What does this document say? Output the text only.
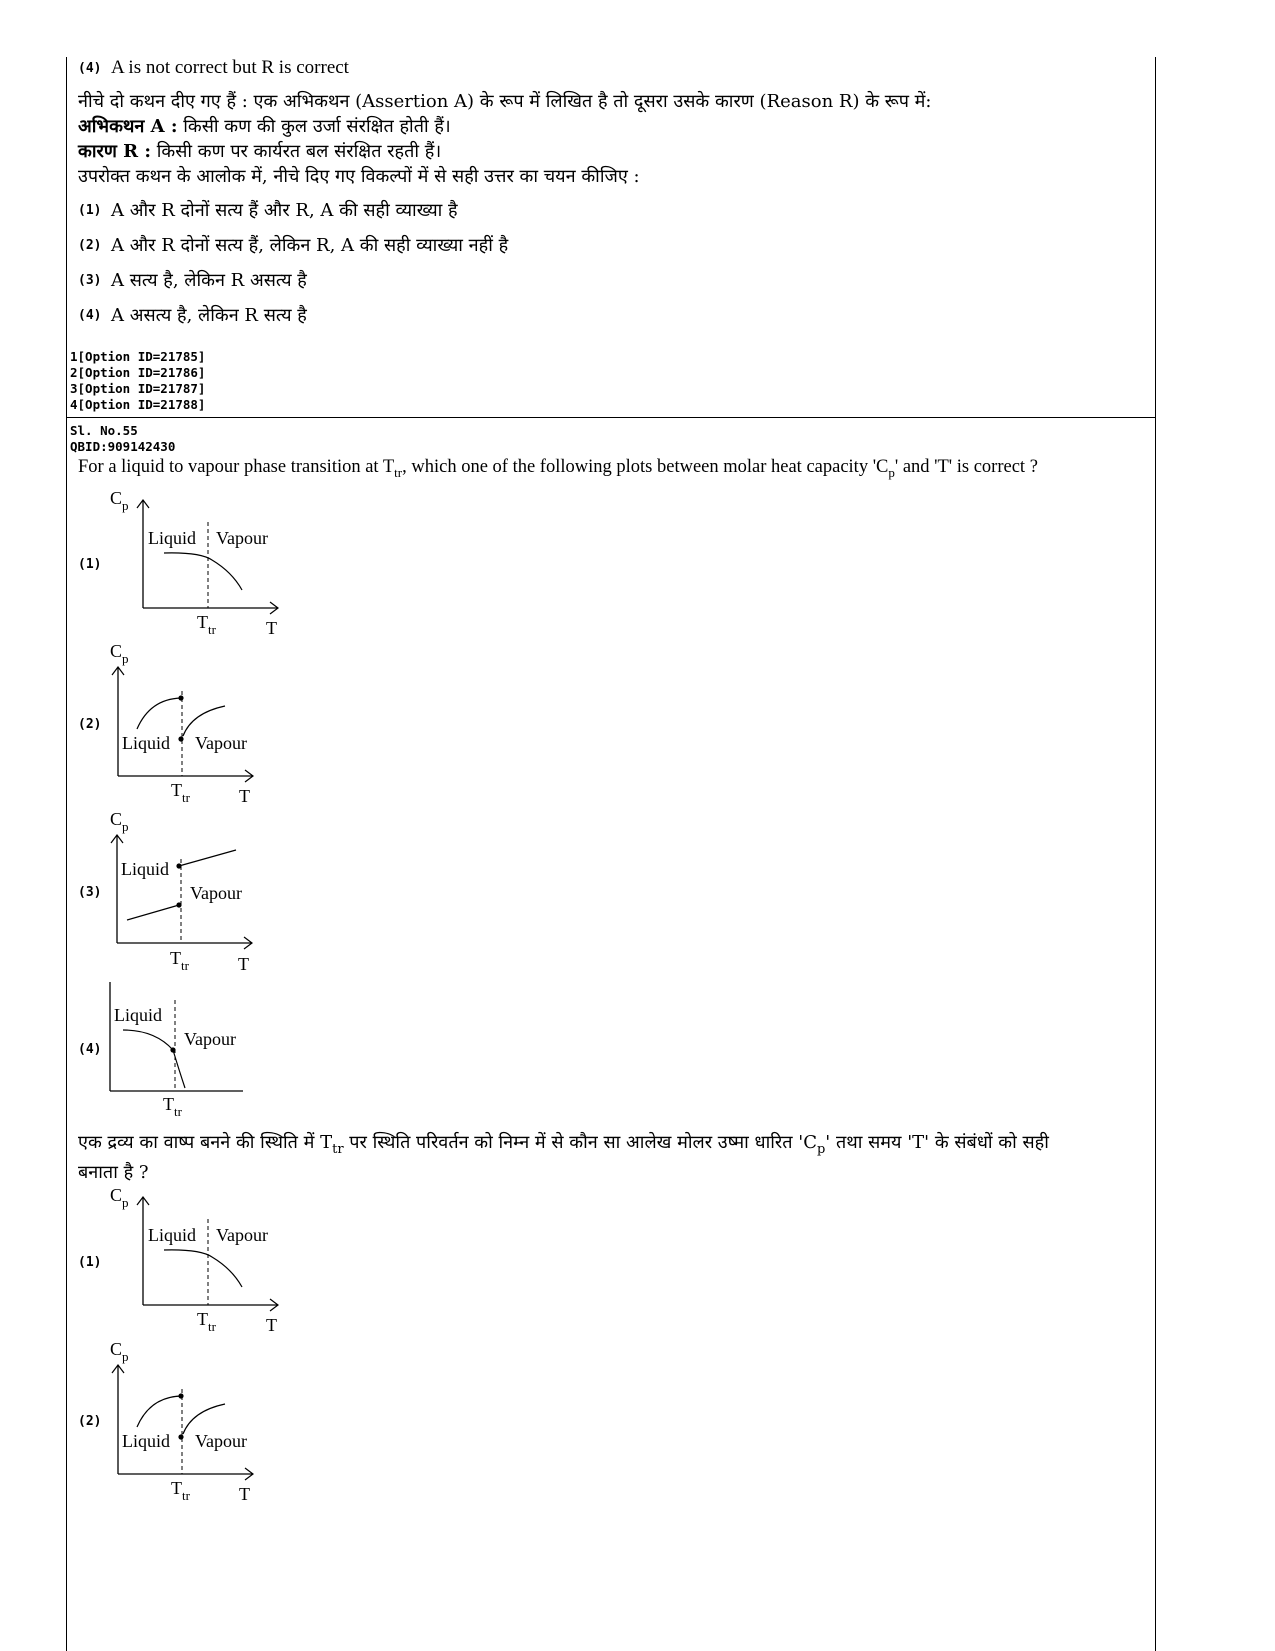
(4) A is not correct but R is correct
नीचे दो कथन दीए गए हैं : एक अभिकथन (Assertion A) के रूप में लिखित है तो दूसरा उसके कारण (Reason R) के रूप में:
अभिकथन A : किसी कण की कुल उर्जा संरक्षित होती हैं।
कारण R : किसी कण पर कार्यरत बल संरक्षित रहती हैं।
उपरोक्त कथन के आलोक में, नीचे दिए गए विकल्पों में से सही उत्तर का चयन कीजिए :
(1) A और R दोनों सत्य हैं और R, A की सही व्याख्या है
(2) A और R दोनों सत्य हैं, लेकिन R, A की सही व्याख्या नहीं है
(3) A सत्य है, लेकिन R असत्य है
(4) A असत्य है, लेकिन R सत्य है
1[Option ID=21785]
2[Option ID=21786]
3[Option ID=21787]
4[Option ID=21788]
Sl. No.55
QBID:909142430
For a liquid to vapour phase transition at $T_{tr}$, which one of the following plots between molar heat capacity '$C_p$' and 'T' is correct ?
(1)
(2)
(3)
(4)
$C_p$
Liquid Vapour
$T_{tr}$	T
$C_p$
Liquid Vapour
$T_{tr}$	T
$C_p$
Liquid
Vapour
$T_{tr}$	T
Liquid
Vapour
$T_{tr}$
एक द्रव्य का वाष्प बनने की स्थिति में $T_{tr}$ पर स्थिति परिवर्तन को निम्न में से कौन सा आलेख मोलर उष्मा धारित '$C_p$' तथा समय 'T' के संबंधों को सही
बनाता है ?
(1)
(2)
$C_p$
Liquid Vapour
$T_{tr}$	T
$C_p$
Liquid Vapour
$T_{tr}$	T
